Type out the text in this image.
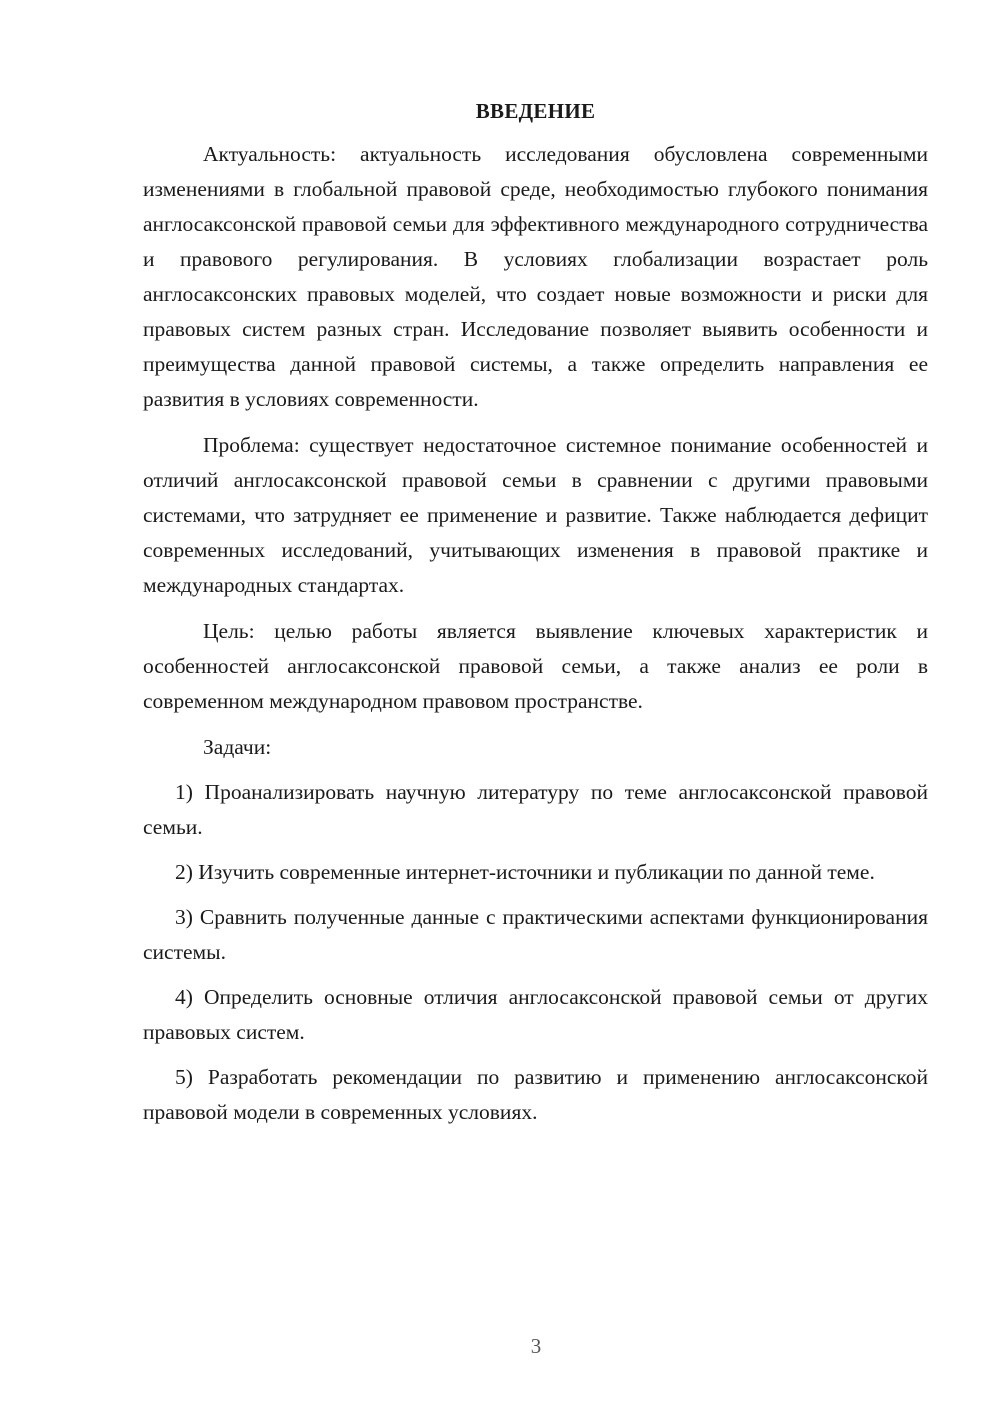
ВВЕДЕНИЕ

Актуальность: актуальность исследования обусловлена современными изменениями в глобальной правовой среде, необходимостью глубокого понимания англосаксонской правовой семьи для эффективного международного сотрудничества и правового регулирования. В условиях глобализации возрастает роль англосаксонских правовых моделей, что создает новые возможности и риски для правовых систем разных стран. Исследование позволяет выявить особенности и преимущества данной правовой системы, а также определить направления ее развития в условиях современности.

Проблема: существует недостаточное системное понимание особенностей и отличий англосаксонской правовой семьи в сравнении с другими правовыми системами, что затрудняет ее применение и развитие. Также наблюдается дефицит современных исследований, учитывающих изменения в правовой практике и международных стандартах.

Цель: целью работы является выявление ключевых характеристик и особенностей англосаксонской правовой семьи, а также анализ ее роли в современном международном правовом пространстве.

Задачи:

1) Проанализировать научную литературу по теме англосаксонской правовой семьи.

2) Изучить современные интернет-источники и публикации по данной теме.

3) Сравнить полученные данные с практическими аспектами функционирования системы.

4) Определить основные отличия англосаксонской правовой семьи от других правовых систем.

5) Разработать рекомендации по развитию и применению англосаксонской правовой модели в современных условиях.

3
